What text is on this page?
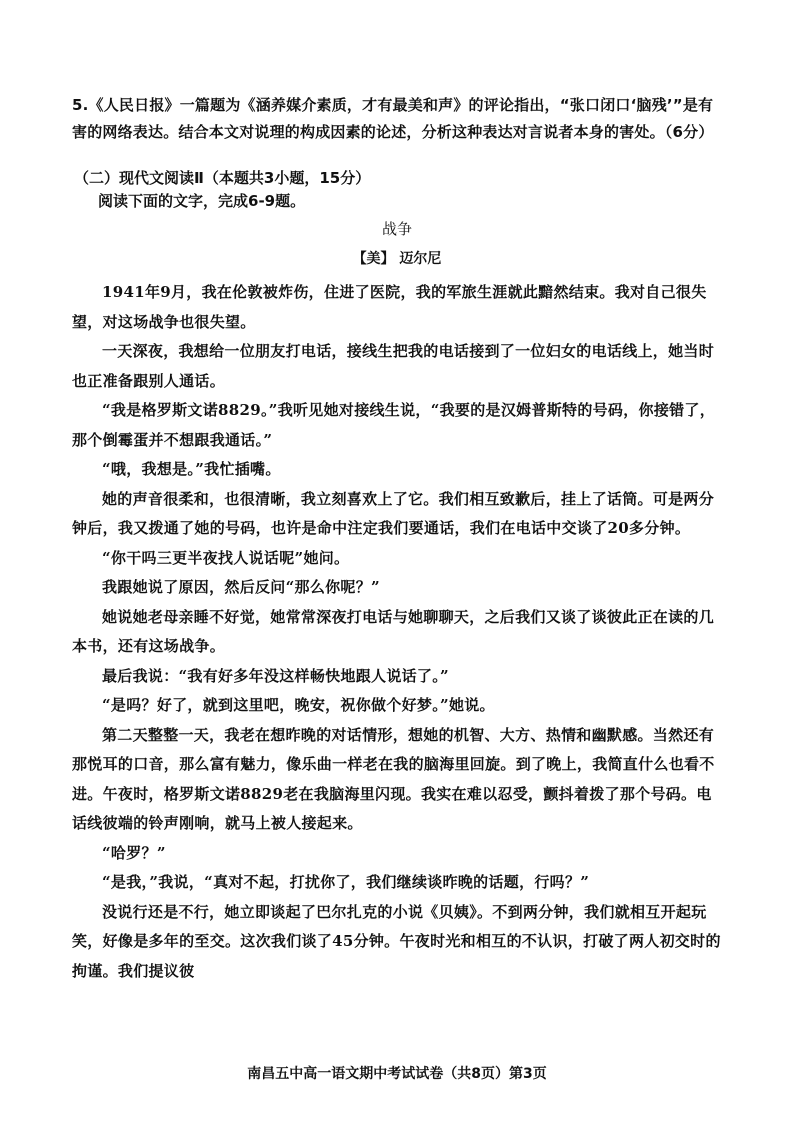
5.《人民日报》一篇题为《涵养媒介素质，才有最美和声》的评论指出，“张口闭口‘脑残’”是有害的网络表达。结合本文对说理的构成因素的论述，分析这种表达对言说者本身的害处。（6分）
（二）现代文阅读Ⅱ（本题共3小题，15分）
阅读下面的文字，完成6-9题。
战争
【美】 迈尔尼

1941年9月，我在伦敦被炸伤，住进了医院，我的军旅生涯就此黯然结束。我对自己很失望，对这场战争也很失望。

一天深夜，我想给一位朋友打电话，接线生把我的电话接到了一位妇女的电话线上，她当时也正准备跟别人通话。

“我是格罗斯文诺8829。”我听见她对接线生说，“我要的是汉姆普斯特的号码，你接错了，那个倒霉蛋并不想跟我通话。”

“哦，我想是。”我忙插嘴。

她的声音很柔和，也很清晰，我立刻喜欢上了它。我们相互致歉后，挂上了话筒。可是两分钟后，我又拨通了她的号码，也许是命中注定我们要通话，我们在电话中交谈了20多分钟。

“你干吗三更半夜找人说话呢”她问。

我跟她说了原因，然后反问“那么你呢？”

她说她老母亲睡不好觉，她常常深夜打电话与她聊聊天，之后我们又谈了谈彼此正在读的几本书，还有这场战争。

最后我说：“我有好多年没这样畅快地跟人说话了。”

“是吗？好了，就到这里吧，晚安，祝你做个好梦。”她说。

第二天整整一天，我老在想昨晚的对话情形，想她的机智、大方、热情和幽默感。当然还有那悦耳的口音，那么富有魅力，像乐曲一样老在我的脑海里回旋。到了晚上，我简直什么也看不进。午夜时，格罗斯文诺8829老在我脑海里闪现。我实在难以忍受，颤抖着拨了那个号码。电话线彼端的铃声刚响，就马上被人接起来。

“哈罗？”

“是我，”我说，“真对不起，打扰你了，我们继续谈昨晚的话题，行吗？”

没说行还是不行，她立即谈起了巴尔扎克的小说《贝姨》。不到两分钟，我们就相互开起玩笑，好像是多年的至交。这次我们谈了45分钟。午夜时光和相互的不认识，打破了两人初交时的拘谨。我们提议彼

南昌五中高一语文期中考试试卷（共8页）第3页
